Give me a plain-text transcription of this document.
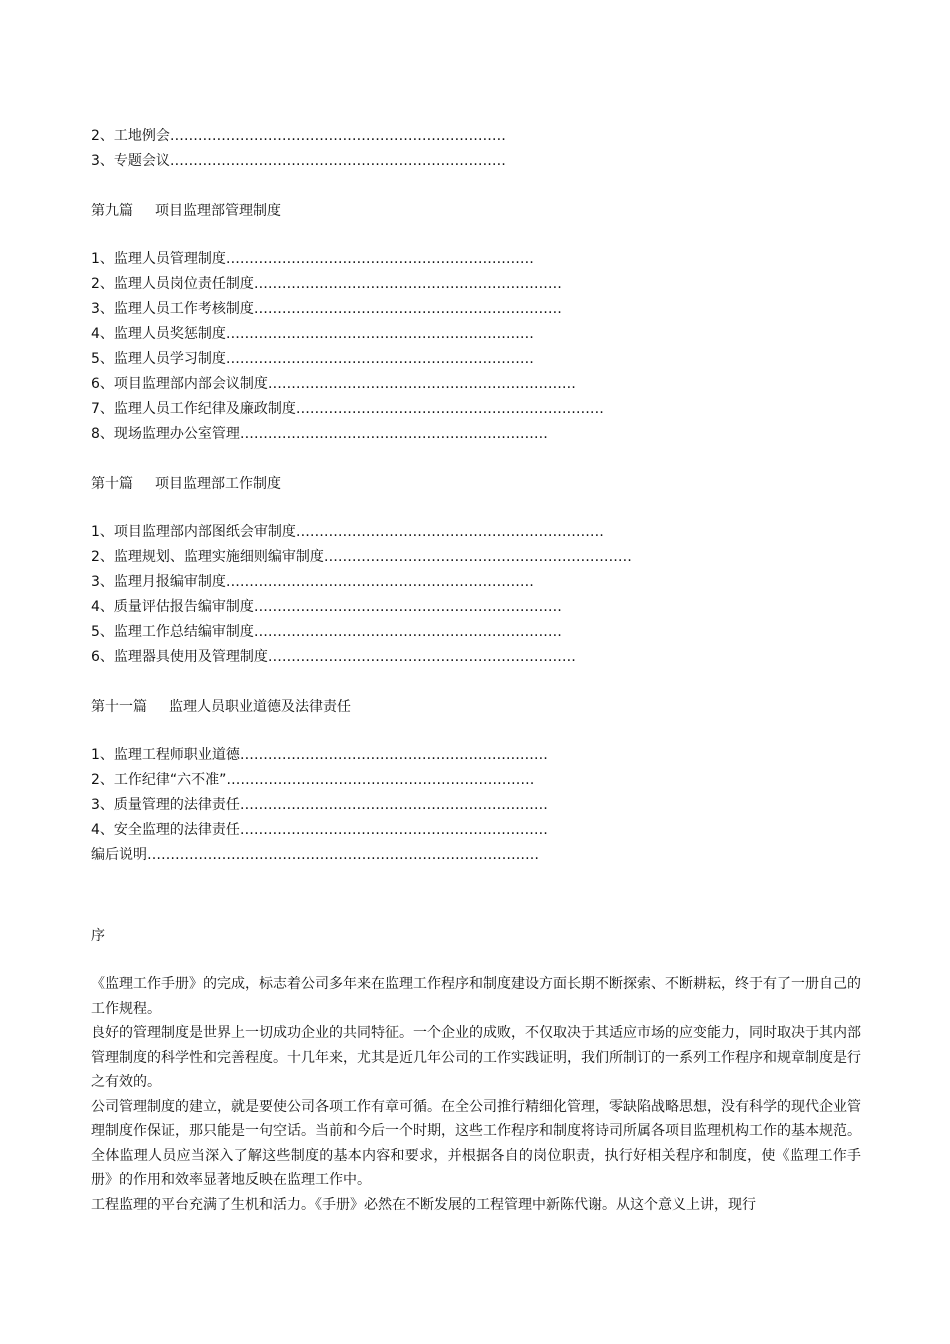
2、工地例会………………………………………………………………
3、专题会议………………………………………………………………
第九篇 项目监理部管理制度
1、监理人员管理制度…………………………………………………………
2、监理人员岗位责任制度…………………………………………………………
3、监理人员工作考核制度…………………………………………………………
4、监理人员奖惩制度…………………………………………………………
5、监理人员学习制度…………………………………………………………
6、项目监理部内部会议制度…………………………………………………………
7、监理人员工作纪律及廉政制度…………………………………………………………
8、现场监理办公室管理…………………………………………………………
第十篇 项目监理部工作制度
1、项目监理部内部图纸会审制度…………………………………………………………
2、监理规划、监理实施细则编审制度…………………………………………………………
3、监理月报编审制度…………………………………………………………
4、质量评估报告编审制度…………………………………………………………
5、监理工作总结编审制度…………………………………………………………
6、监理器具使用及管理制度…………………………………………………………
第十一篇 监理人员职业道德及法律责任
1、监理工程师职业道德…………………………………………………………
2、工作纪律“六不准”…………………………………………………………
3、质量管理的法律责任…………………………………………………………
4、安全监理的法律责任…………………………………………………………
编后说明…………………………………………………………………………
序

《监理工作手册》的完成，标志着公司多年来在监理工作程序和制度建设方面长期不断探索、不断耕耘，终于有了一册自己的工作规程。

良好的管理制度是世界上一切成功企业的共同特征。一个企业的成败，不仅取决于其适应市场的应变能力，同时取决于其内部管理制度的科学性和完善程度。十几年来，尤其是近几年公司的工作实践证明，我们所制订的一系列工作程序和规章制度是行之有效的。

公司管理制度的建立，就是要使公司各项工作有章可循。在全公司推行精细化管理，零缺陷战略思想，没有科学的现代企业管理制度作保证，那只能是一句空话。当前和今后一个时期，这些工作程序和制度将诗司所属各项目监理机构工作的基本规范。全体监理人员应当深入了解这些制度的基本内容和要求，并根据各自的岗位职责，执行好相关程序和制度，使《监理工作手册》的作用和效率显著地反映在监理工作中。

工程监理的平台充满了生机和活力。《手册》必然在不断发展的工程管理中新陈代谢。从这个意义上讲，现行
